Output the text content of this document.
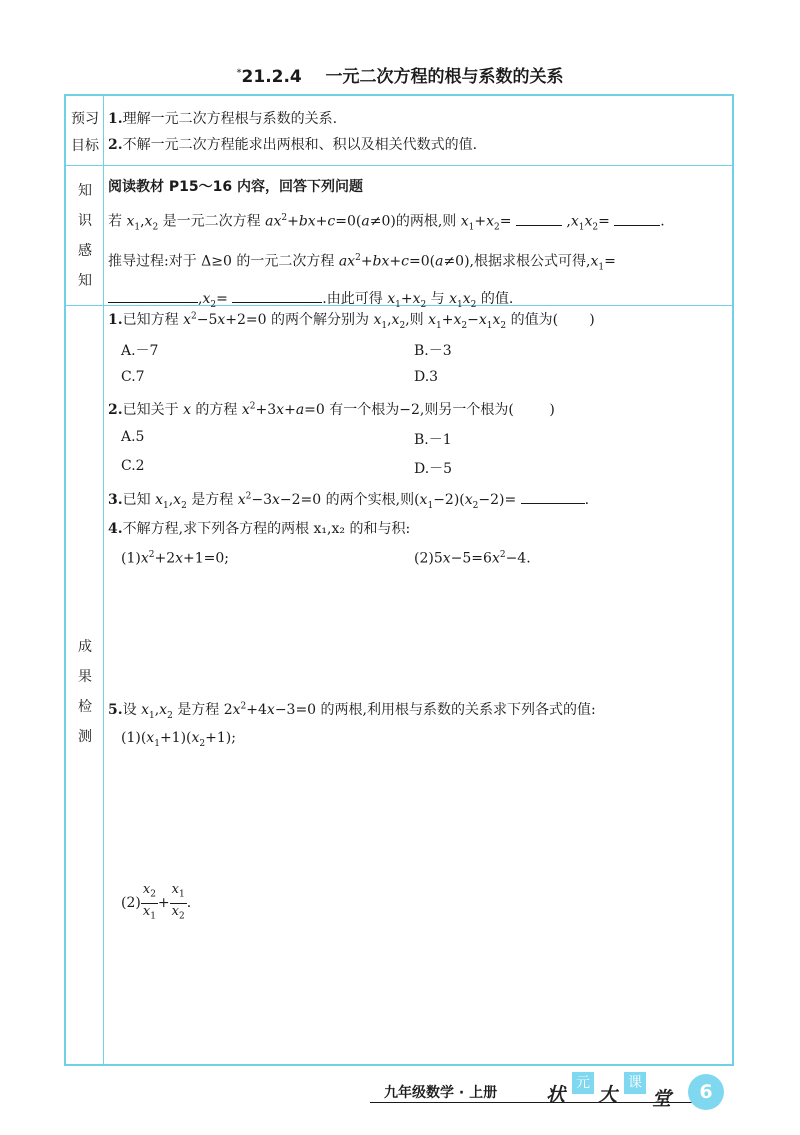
*21.2.4 一元二次方程的根与系数的关系
预习
目标
1.理解一元二次方程根与系数的关系.
2.不解一元二次方程能求出两根和、积以及相关代数式的值.
知
识
感
知
阅读教材 P15～16 内容，回答下列问题
若 $x_1,x_2$ 是一元二次方程 $ax^2+bx+c=0(a\ne 0)$的两根,则 $x_1+x_2=$	$,x_1x_2=$	.
推导过程:对于 Δ≥0 的一元二次方程 $ax^2+bx+c=0(a\ne 0)$,根据求根公式可得$,x_1=$
$,x_2=$	.由此可得 $x_1+x_2$ 与 $x_1x_2$ 的值.
成
果
检
测
1.已知方程 $x^2-5x+2=0$ 的两个解分别为 $x_1,x_2$,则 $x_1+x_2-x_1x_2$ 的值为(       )
A.－7	B.－3
C.7	D.3
2.已知关于 x 的方程 $x^2+3x+a=0$ 有一个根为−2,则另一个根为(        )
A.5	B.－1
C.2	D.－5
3.已知 $x_1,x_2$ 是方程 $x^2-3x-2=0$ 的两个实根,则$(x_1-2)(x_2-2)=$	.
4.不解方程,求下列各方程的两根 x₁,x₂ 的和与积:
$(1)x^2+2x+1=0$;	$(2)5x-5=6x^2-4$.
5.设 $x_1,x_2$ 是方程 $2x^2+4x-3=0$ 的两根,利用根与系数的关系求下列各式的值:
$(1)(x_1+1)(x_2+1)$;
$(2) \frac{x_2}{x_1} + \frac{x_1}{x_2}$ .
九年级数学 · 上册	状
元
大
课
堂	6
